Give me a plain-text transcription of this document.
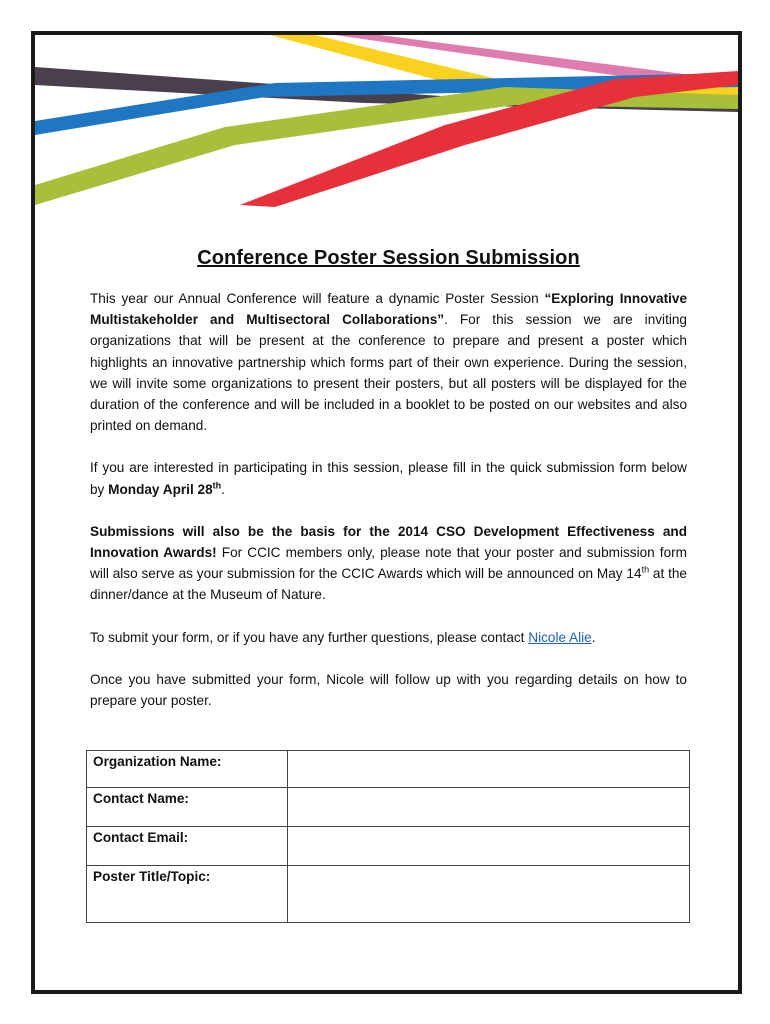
Conference Poster Session Submission

This year our Annual Conference will feature a dynamic Poster Session “Exploring Innovative Multistakeholder and Multisectoral Collaborations”. For this session we are inviting organizations that will be present at the conference to prepare and present a poster which highlights an innovative partnership which forms part of their own experience. During the session, we will invite some organizations to present their posters, but all posters will be displayed for the duration of the conference and will be included in a booklet to be posted on our websites and also printed on demand.

If you are interested in participating in this session, please fill in the quick submission form below by Monday April 28th.

Submissions will also be the basis for the 2014 CSO Development Effectiveness and Innovation Awards! For CCIC members only, please note that your poster and submission form will also serve as your submission for the CCIC Awards which will be announced on May 14th at the dinner/dance at the Museum of Nature.

To submit your form, or if you have any further questions, please contact Nicole Alie.

Once you have submitted your form, Nicole will follow up with you regarding details on how to prepare your poster.

Organization Name:	
Contact Name:	
Contact Email:	
Poster Title/Topic:	
